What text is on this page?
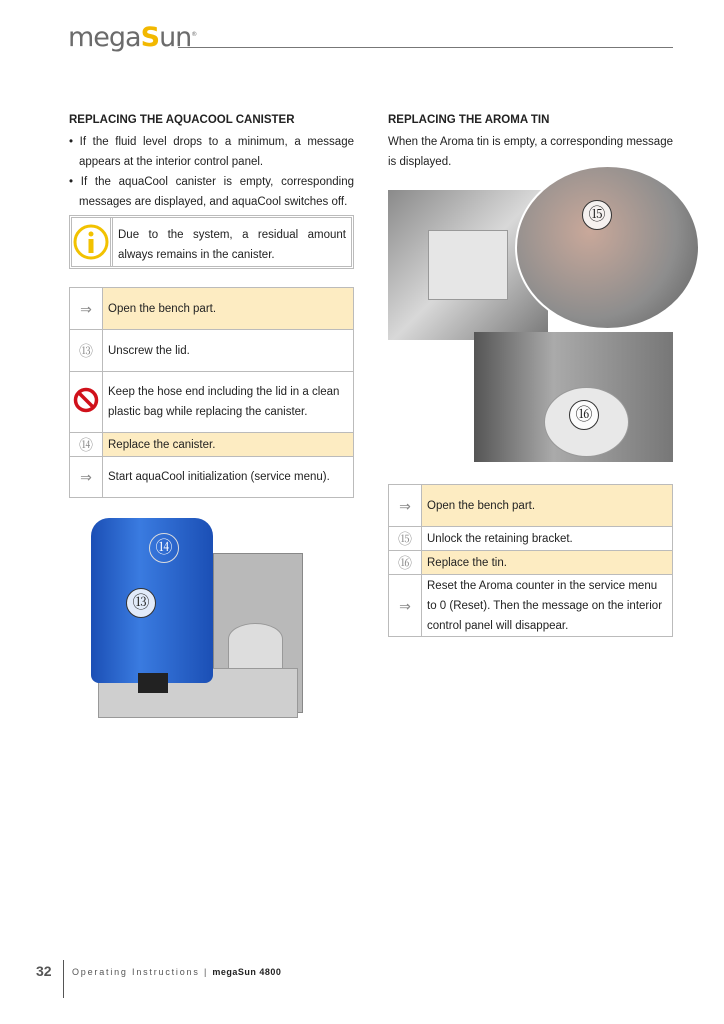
megaSun®
REPLACING THE AQUACOOL CANISTER
• If the fluid level drops to a minimum, a message appears at the interior control panel.
• If the aquaCool canister is empty, corresponding messages are displayed, and aquaCool switches off.
Due to the system, a residual amount always remains in the canister.
⇒	Open the bench part.
⑬	Unscrew the lid.
	Keep the hose end including the lid in a clean plastic bag while replacing the canister.
⑭	Replace the canister.
⇒	Start aquaCool initialization (service menu).
⑭
⑬
REPLACING THE AROMA TIN
When the Aroma tin is empty, a corresponding message is displayed.
⑮
⑯
⇒	Open the bench part.
⑮	Unlock the retaining bracket.
⑯	Replace the tin.
⇒	Reset the Aroma counter in the service menu to 0 (Reset). Then the message on the interior control panel will disappear.
32 Operating Instructions | megaSun 4800
